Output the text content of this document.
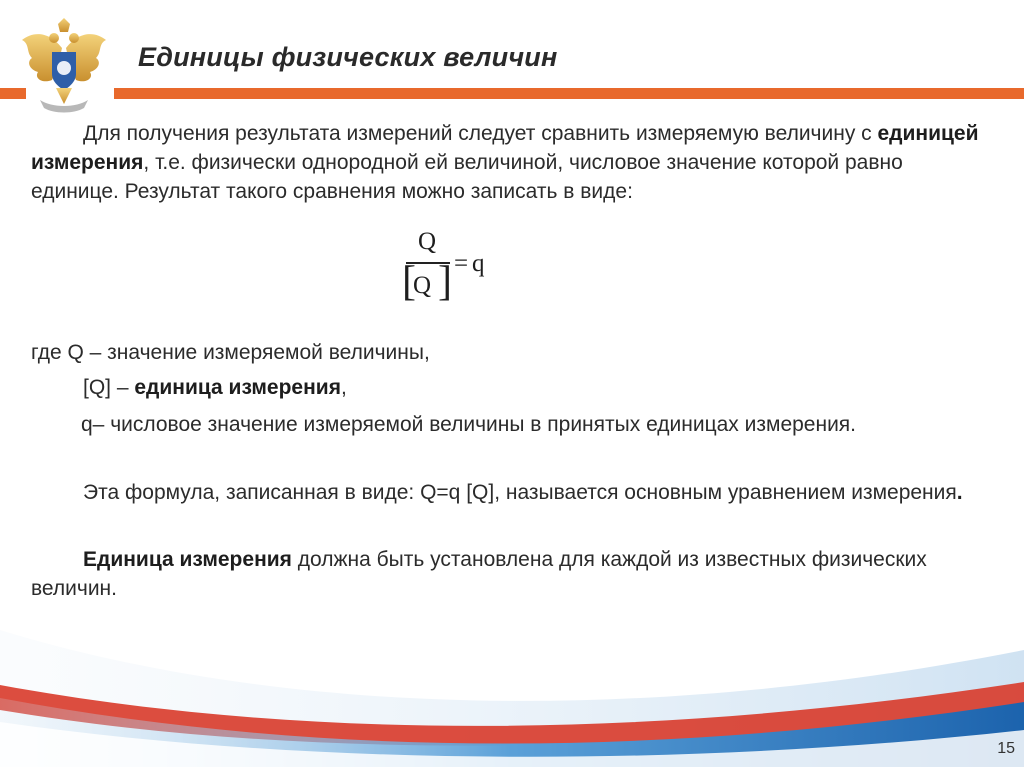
Единицы физических величин
Для получения результата измерений следует сравнить измеряемую величину с единицей измерения, т.е. физически однородной ей величиной, числовое значение которой равно единице. Результат такого сравнения можно записать в виде:
Q
[
Q ] = q
где Q – значение измеряемой величины,
[Q] – единица измерения,
q– числовое значение измеряемой величины в принятых единицах измерения.
Эта формула, записанная в виде: Q=q [Q], называется основным уравнением измерения.
Единица измерения должна быть установлена для каждой из известных физических величин.
15
